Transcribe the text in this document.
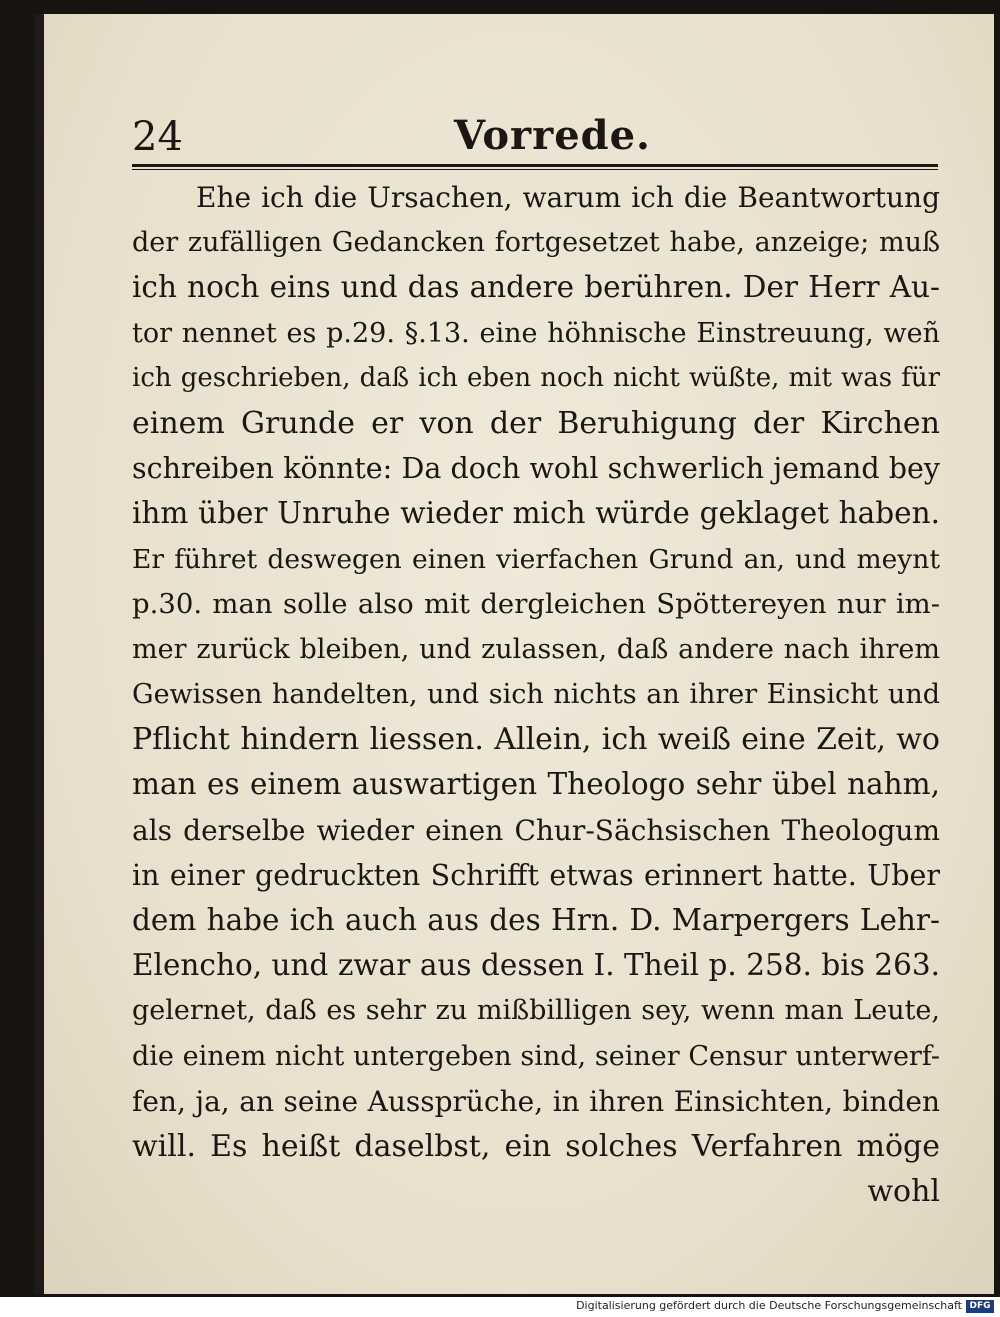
24	Vorrede.
Ehe ich die Ursachen, warum ich die Beantwortung
der zufälligen Gedancken fortgesetzet habe, anzeige; muß
ich noch eins und das andere berühren. Der Herr Au-
tor nennet es p.29. §.13. eine höhnische Einstreuung, weñ
ich geschrieben, daß ich eben noch nicht wüßte, mit was für
einem Grunde er von der Beruhigung der Kirchen
schreiben könnte: Da doch wohl schwerlich jemand bey
ihm über Unruhe wieder mich würde geklaget haben.
Er führet deswegen einen vierfachen Grund an, und meynt
p.30. man solle also mit dergleichen Spöttereyen nur im-
mer zurück bleiben, und zulassen, daß andere nach ihrem
Gewissen handelten, und sich nichts an ihrer Einsicht und
Pflicht hindern liessen. Allein, ich weiß eine Zeit, wo
man es einem auswartigen Theologo sehr übel nahm,
als derselbe wieder einen Chur-Sächsischen Theologum
in einer gedruckten Schrifft etwas erinnert hatte. Uber
dem habe ich auch aus des Hrn. D. Marpergers Lehr-
Elencho, und zwar aus dessen I. Theil p. 258. bis 263.
gelernet, daß es sehr zu mißbilligen sey, wenn man Leute,
die einem nicht untergeben sind, seiner Censur unterwerf-
fen, ja, an seine Aussprüche, in ihren Einsichten, binden
will. Es heißt daselbst, ein solches Verfahren möge
wohl
Digitalisierung gefördert durch die Deutsche Forschungsgemeinschaft DFG
